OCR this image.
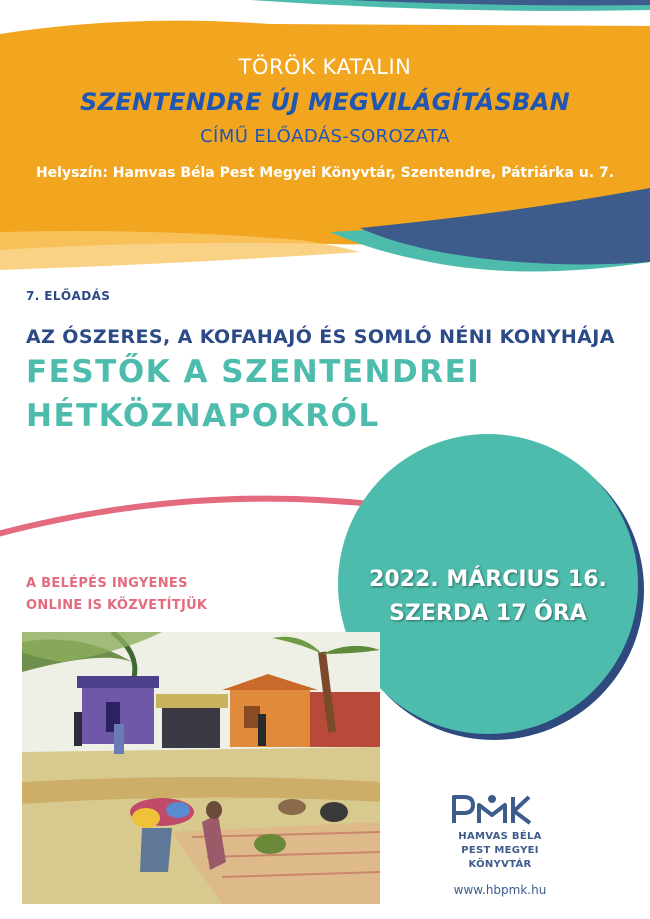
TÖRÖK KATALIN
SZENTENDRE ÚJ MEGVILÁGÍTÁSBAN
CÍMŰ ELŐADÁS-SOROZATA
Helyszín: Hamvas Béla Pest Megyei Könyvtár, Szentendre, Pátriárka u. 7.
7. ELŐADÁS
AZ ÓSZERES, A KOFAHAJÓ ÉS SOMLÓ NÉNI KONYHÁJA
FESTŐK A SZENTENDREI
HÉTKÖZNAPOKRÓL
A BELÉPÉS INGYENES
ONLINE IS KÖZVETÍTJÜK
2022. MÁRCIUS 16.
SZERDA 17 ÓRA
HAMVAS BÉLA
PEST MEGYEI
KÖNYVTÁR
www.hbpmk.hu
